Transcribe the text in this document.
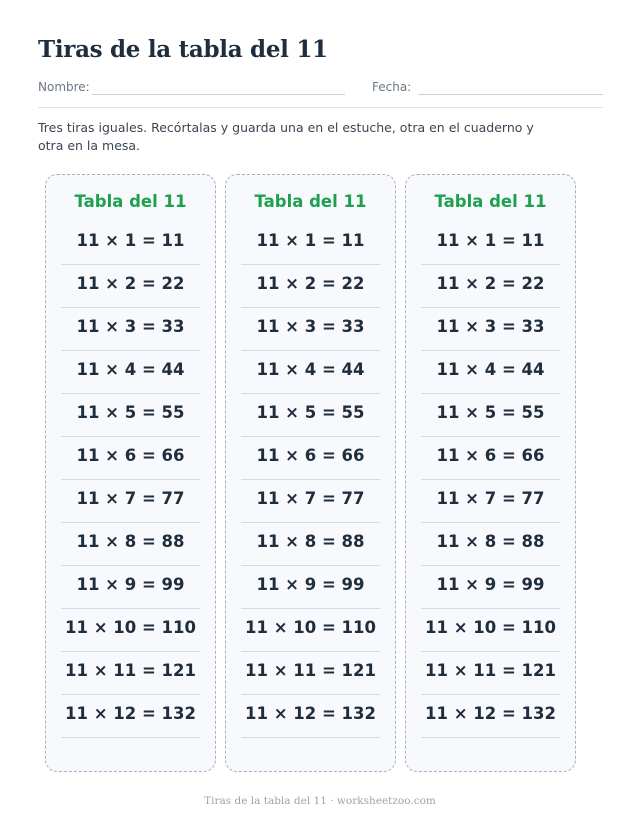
Tiras de la tabla del 11
Nombre:	Fecha:

Tres tiras iguales. Recórtalas y guarda una en el estuche, otra en el cuaderno y otra en la mesa.

Tabla del 11
11 × 1 = 11
11 × 2 = 22
11 × 3 = 33
11 × 4 = 44
11 × 5 = 55
11 × 6 = 66
11 × 7 = 77
11 × 8 = 88
11 × 9 = 99
11 × 10 = 110
11 × 11 = 121
11 × 12 = 132
Tabla del 11
11 × 1 = 11
11 × 2 = 22
11 × 3 = 33
11 × 4 = 44
11 × 5 = 55
11 × 6 = 66
11 × 7 = 77
11 × 8 = 88
11 × 9 = 99
11 × 10 = 110
11 × 11 = 121
11 × 12 = 132
Tabla del 11
11 × 1 = 11
11 × 2 = 22
11 × 3 = 33
11 × 4 = 44
11 × 5 = 55
11 × 6 = 66
11 × 7 = 77
11 × 8 = 88
11 × 9 = 99
11 × 10 = 110
11 × 11 = 121
11 × 12 = 132
Tiras de la tabla del 11 · worksheetzoo.com
